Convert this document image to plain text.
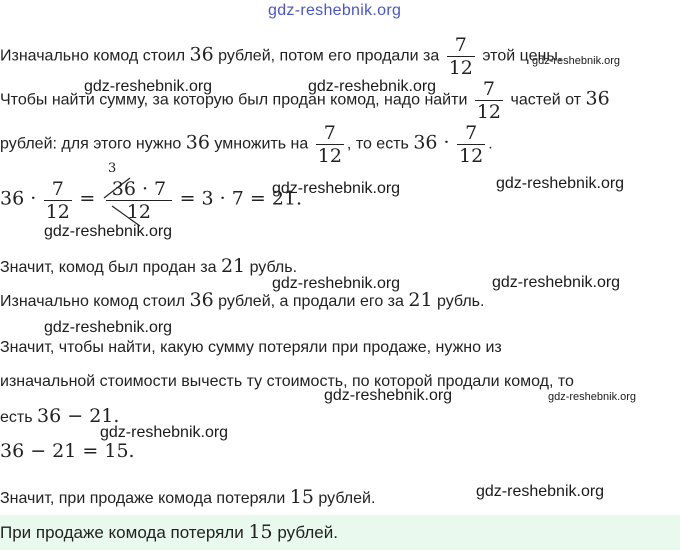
gdz-reshebnik.org
Изначально комод стоил 36 рублей, потом его продали за $\frac{7}{12}$ этой цены.
Чтобы найти сумму, за которую был продан комод, надо найти $\frac{7}{12}$ частей от 36
рублей: для этого нужно 36 умножить на $\frac{7}{12}$ , то есть $36 \cdot \frac{7}{12}$ .
$36 \cdot \frac{7}{12} = \frac{36 \cdot 7}{12} = 3 \cdot 7 = 21$.
3
Значит, комод был продан за 21 рубль.
Изначально комод стоил 36 рублей, а продали его за 21 рубль.
Значит, чтобы найти, какую сумму потеряли при продаже, нужно из
изначальной стоимости вычесть ту стоимость, по которой продали комод, то
есть 36 − 21.
36 − 21 = 15.
Значит, при продаже комода потеряли 15 рублей.
При продаже комода потеряли 15 рублей.
gdz-reshebnik.org	gdz-reshebnik.org
gdz-reshebnik.org
gdz-reshebnik.org	gdz-reshebnik.org
gdz-reshebnik.org
gdz-reshebnik.org	gdz-reshebnik.org
gdz-reshebnik.org
gdz-reshebnik.org	gdz-reshebnik.org
gdz-reshebnik.org
gdz-reshebnik.org
